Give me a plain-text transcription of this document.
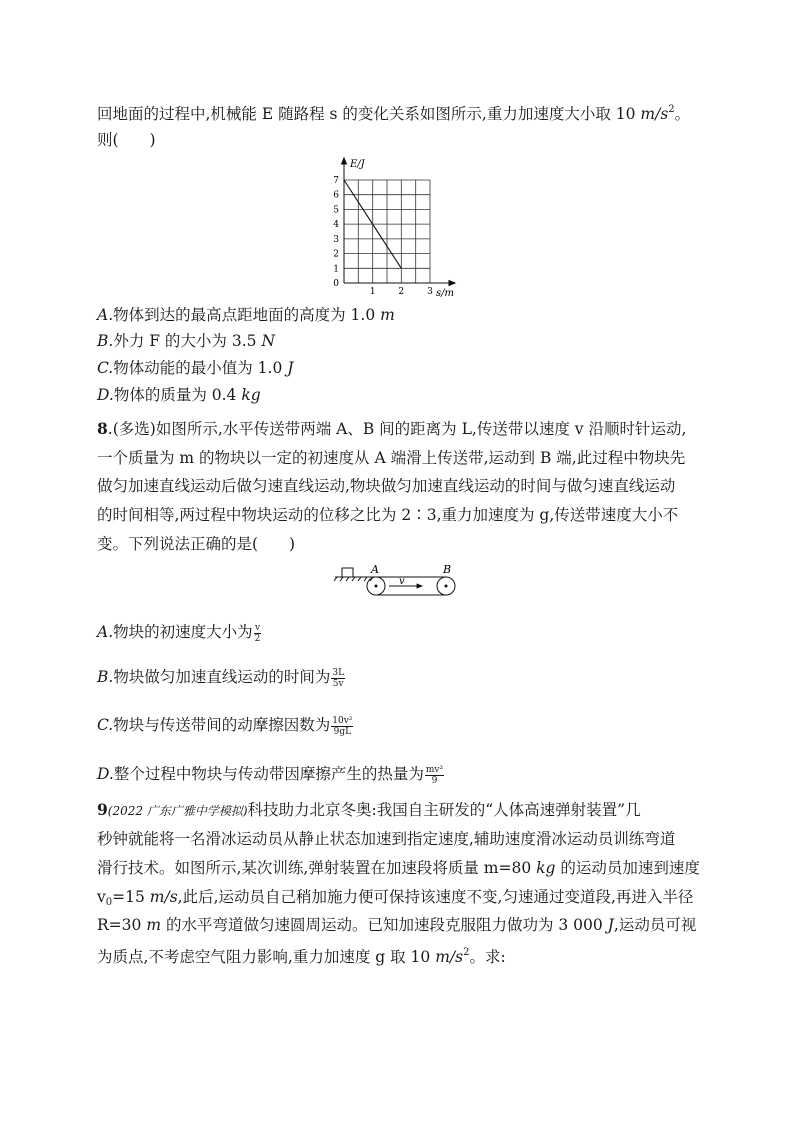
回地面的过程中,机械能 E 随路程 s 的变化关系如图所示,重力加速度大小取 10 $m/s^2$。
则(　　)
E/J
s/m
0
1
2
3
4
5
6
7
1	2	3
A.物体到达的最高点距地面的高度为 1.0 m
B.外力 F 的大小为 3.5 N
C.物体动能的最小值为 1.0 J
D.物体的质量为 0.4 kg
8.(多选)如图所示,水平传送带两端 A、B 间的距离为 L,传送带以速度 v 沿顺时针运动,
一个质量为 m 的物块以一定的初速度从 A 端滑上传送带,运动到 B 端,此过程中物块先
做匀加速直线运动后做匀速直线运动,物块做匀加速直线运动的时间与做匀速直线运动
的时间相等,两过程中物块运动的位移之比为 2∶3,重力加速度为 g,传送带速度大小不
变。下列说法正确的是(　　)
A	B
v
A.物块的初速度大小为 $\frac{v}{2}$
B.物块做匀加速直线运动的时间为 $\frac{3L}{5v}$
C.物块与传送带间的动摩擦因数为 $\frac{\text{10v²}}{9gL}$
D.整个过程中物块与传动带因摩擦产生的热量为 $\frac{\text{mv²}}{9}$
9(2022 广东广雅中学模拟)科技助力北京冬奥:我国自主研发的“人体高速弹射装置”几
秒钟就能将一名滑冰运动员从静止状态加速到指定速度,辅助速度滑冰运动员训练弯道
滑行技术。如图所示,某次训练,弹射装置在加速段将质量 m=80 kg 的运动员加速到速度
$v_0=15$ m/s,此后,运动员自己稍加施力便可保持该速度不变,匀速通过变道段,再进入半径
R=30 m 的水平弯道做匀速圆周运动。已知加速段克服阻力做功为 3 000 J,运动员可视
为质点,不考虑空气阻力影响,重力加速度 g 取 10 $m/s^2$。求:
